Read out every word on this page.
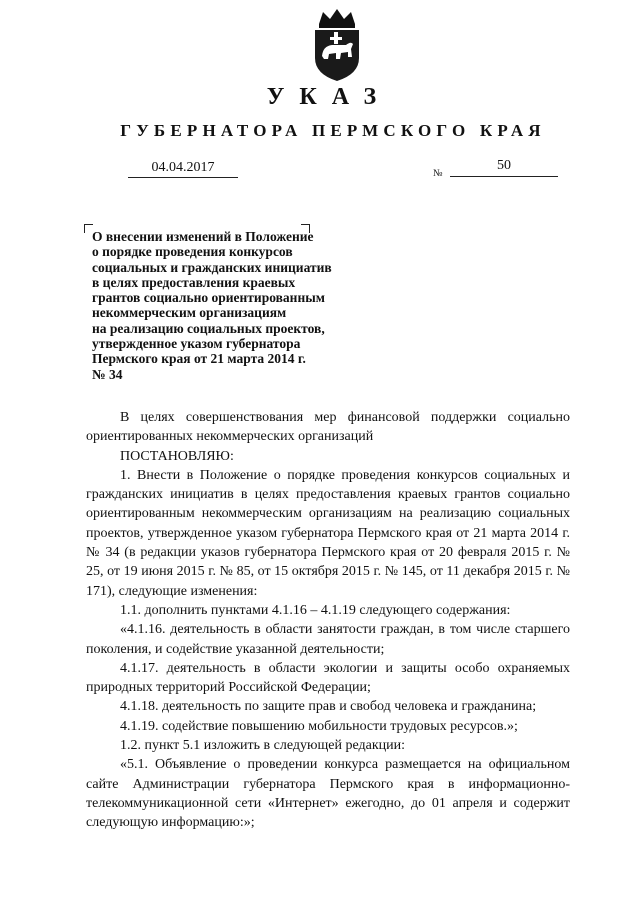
УКАЗ
ГУБЕРНАТОРА ПЕРМСКОГО КРАЯ
04.04.2017	№
50
О внесении изменений в Положение
о порядке проведения конкурсов
социальных и гражданских инициатив
в целях предоставления краевых
грантов социально ориентированным
некоммерческим организациям
на реализацию социальных проектов,
утвержденное указом губернатора
Пермского края от 21 марта 2014 г.
№ 34
В целях совершенствования мер финансовой поддержки социально ориентированных некоммерческих организаций
ПОСТАНОВЛЯЮ:
1. Внести в Положение о порядке проведения конкурсов социальных и гражданских инициатив в целях предоставления краевых грантов социально ориентированным некоммерческим организациям на реализацию социальных проектов, утвержденное указом губернатора Пермского края от 21 марта 2014 г. № 34 (в редакции указов губернатора Пермского края от 20 февраля 2015 г. № 25, от 19 июня 2015 г. № 85, от 15 октября 2015 г. № 145, от 11 декабря 2015 г. № 171), следующие изменения:
1.1. дополнить пунктами 4.1.16 – 4.1.19 следующего содержания:
«4.1.16. деятельность в области занятости граждан, в том числе старшего поколения, и содействие указанной деятельности;
4.1.17. деятельность в области экологии и защиты особо охраняемых природных территорий Российской Федерации;
4.1.18. деятельность по защите прав и свобод человека и гражданина;
4.1.19. содействие повышению мобильности трудовых ресурсов.»;
1.2. пункт 5.1 изложить в следующей редакции:
«5.1. Объявление о проведении конкурса размещается на официальном сайте Администрации губернатора Пермского края в информационно-телекоммуникационной сети «Интернет» ежегодно, до 01 апреля и содержит следующую информацию:»;
